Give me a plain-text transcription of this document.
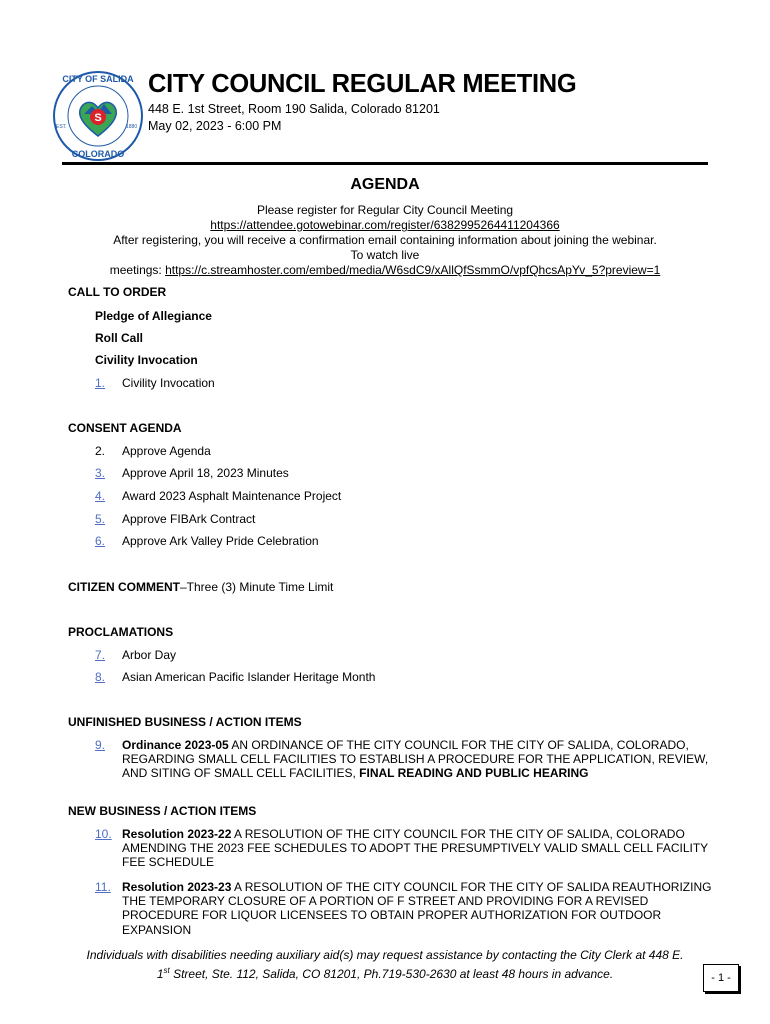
S
CITY OF SALIDA
COLORADO
EST.	1880
CITY COUNCIL REGULAR MEETING
448 E. 1st Street, Room 190 Salida, Colorado 81201
May 02, 2023 - 6:00 PM
AGENDA
Please register for Regular City Council Meeting
https://attendee.gotowebinar.com/register/6382995264411204366
After registering, you will receive a confirmation email containing information about joining the webinar.
To watch live
meetings: https://c.streamhoster.com/embed/media/W6sdC9/xAllQfSsmmO/vpfQhcsApYv_5?preview=1
CALL TO ORDER
Pledge of Allegiance
Roll Call
Civility Invocation
1. Civility Invocation
CONSENT AGENDA
2. Approve Agenda
3. Approve April 18, 2023 Minutes
4. Award 2023 Asphalt Maintenance Project
5. Approve FIBArk Contract
6. Approve Ark Valley Pride Celebration
CITIZEN COMMENT–Three (3) Minute Time Limit
PROCLAMATIONS
7. Arbor Day
8. Asian American Pacific Islander Heritage Month
UNFINISHED BUSINESS / ACTION ITEMS
9. Ordinance 2023-05 AN ORDINANCE OF THE CITY COUNCIL FOR THE CITY OF SALIDA, COLORADO, REGARDING SMALL CELL FACILITIES TO ESTABLISH A PROCEDURE FOR THE APPLICATION, REVIEW, AND SITING OF SMALL CELL FACILITIES, FINAL READING AND PUBLIC HEARING
NEW BUSINESS / ACTION ITEMS
10. Resolution 2023-22 A RESOLUTION OF THE CITY COUNCIL FOR THE CITY OF SALIDA, COLORADO AMENDING THE 2023 FEE SCHEDULES TO ADOPT THE PRESUMPTIVELY VALID SMALL CELL FACILITY FEE SCHEDULE
11. Resolution 2023-23 A RESOLUTION OF THE CITY COUNCIL FOR THE CITY OF SALIDA REAUTHORIZING THE TEMPORARY CLOSURE OF A PORTION OF F STREET AND PROVIDING FOR A REVISED PROCEDURE FOR LIQUOR LICENSEES TO OBTAIN PROPER AUTHORIZATION FOR OUTDOOR EXPANSION
Individuals with disabilities needing auxiliary aid(s) may request assistance by contacting the City Clerk at 448 E.
1st Street, Ste. 112, Salida, CO 81201, Ph.719-530-2630 at least 48 hours in advance.	- 1 -
